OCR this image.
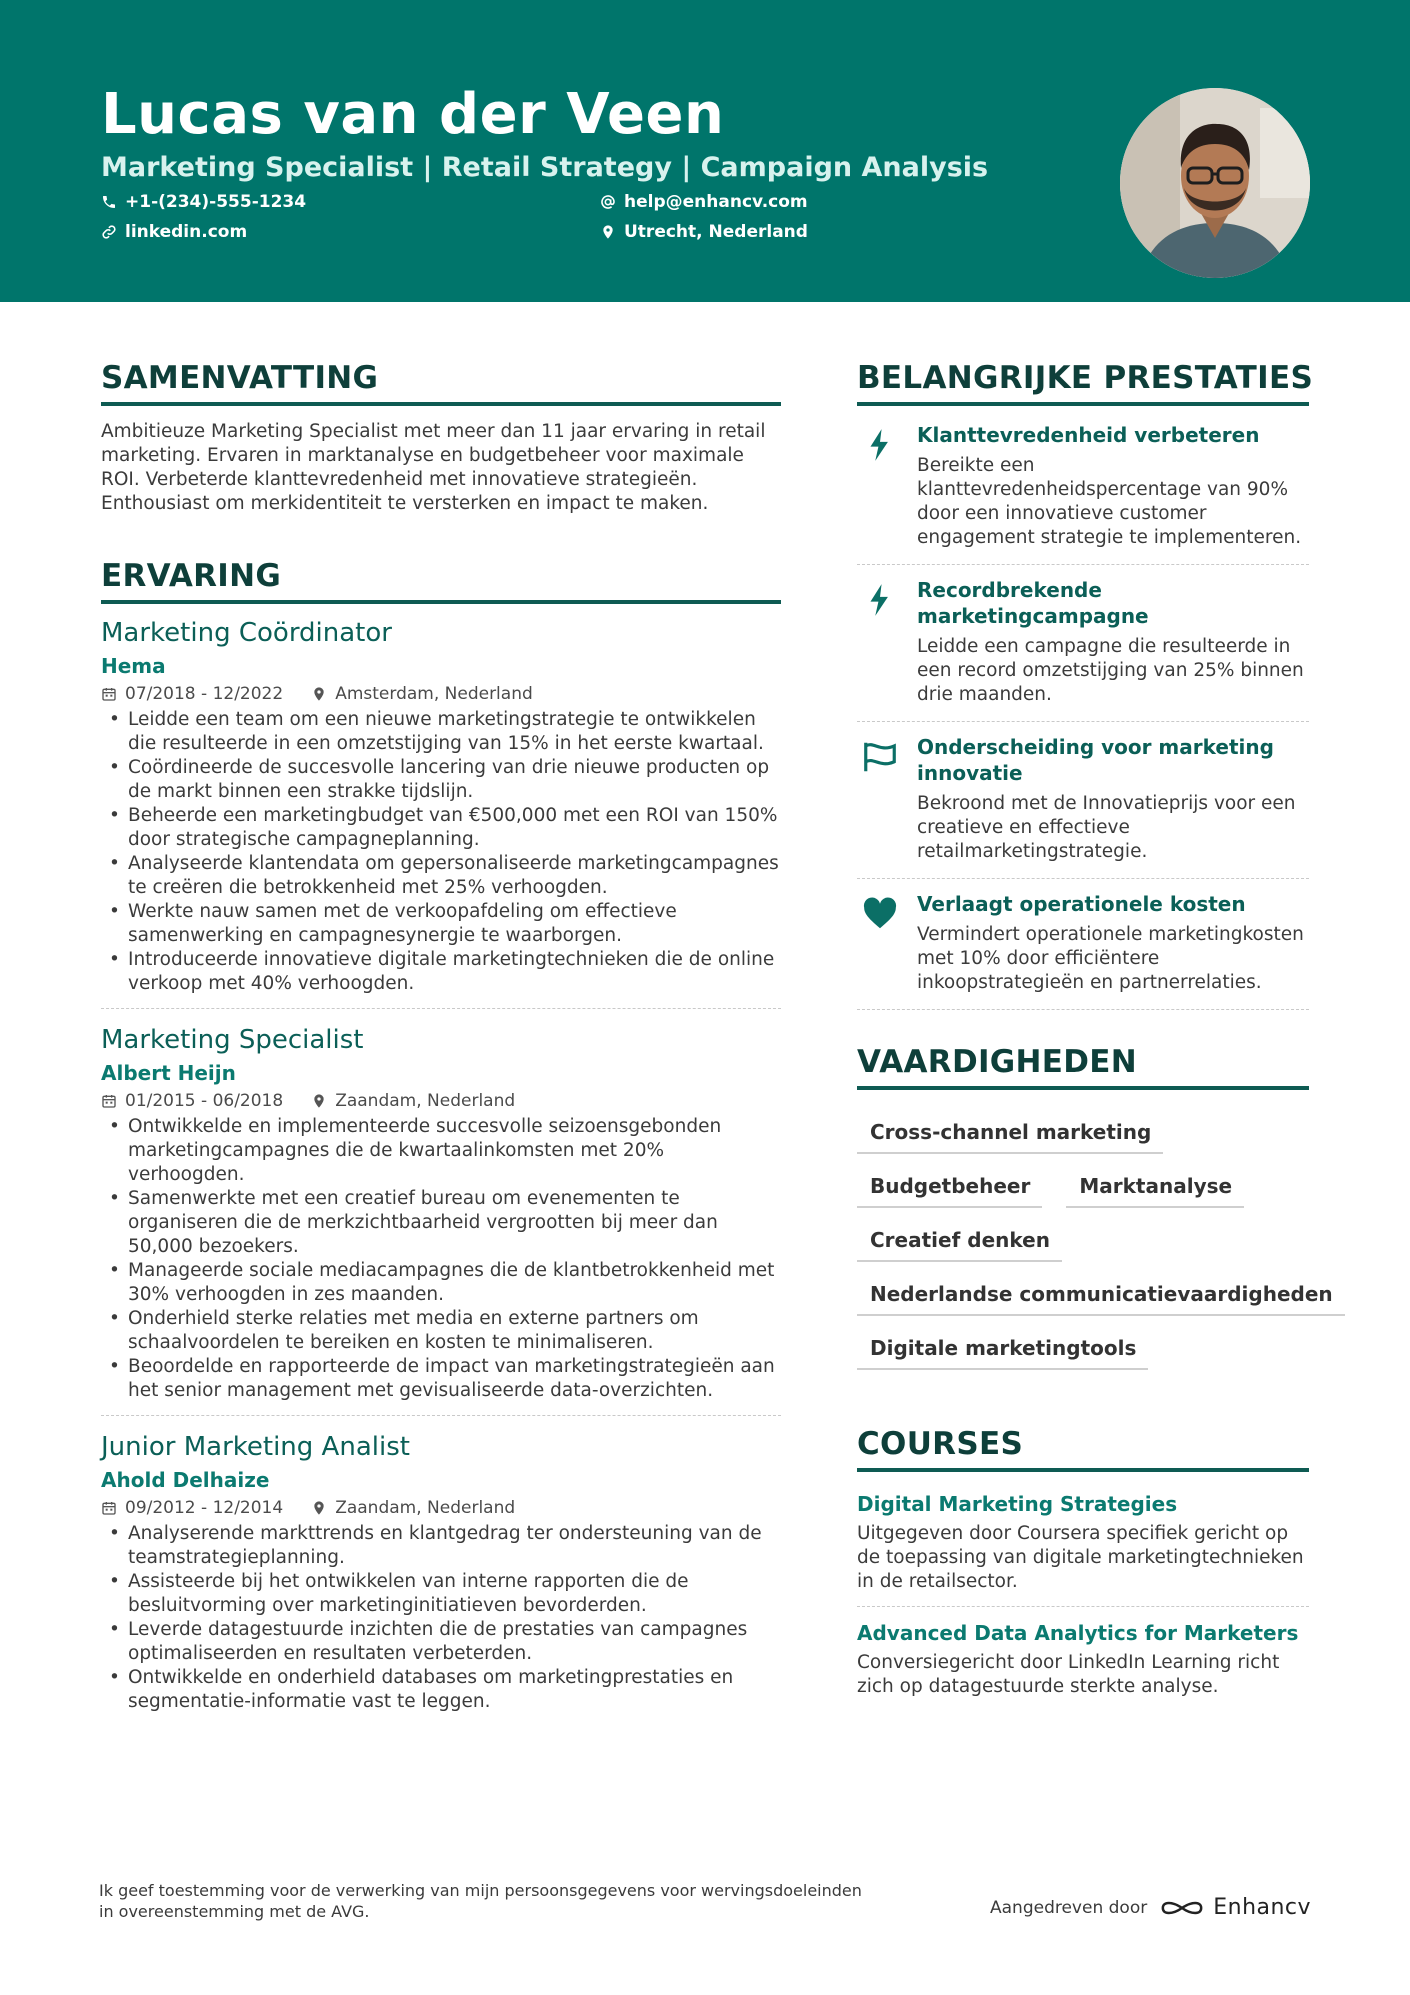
Lucas van der Veen
Marketing Specialist | Retail Strategy | Campaign Analysis
+1-(234)-555-1234	help@enhancv.com
linkedin.com	Utrecht, Nederland
SAMENVATTING
Ambitieuze Marketing Specialist met meer dan 11 jaar ervaring in retail marketing. Ervaren in marktanalyse en budgetbeheer voor maximale ROI. Verbeterde klanttevredenheid met innovatieve strategieën. Enthousiast om merkidentiteit te versterken en impact te maken.
ERVARING
Marketing Coördinator
Hema
07/2018 - 12/2022	Amsterdam, Nederland
• Leidde een team om een nieuwe marketingstrategie te ontwikkelen die resulteerde in een omzetstijging van 15% in het eerste kwartaal.
• Coördineerde de succesvolle lancering van drie nieuwe producten op de markt binnen een strakke tijdslijn.
• Beheerde een marketingbudget van €500,000 met een ROI van 150% door strategische campagneplanning.
• Analyseerde klantendata om gepersonaliseerde marketingcampagnes te creëren die betrokkenheid met 25% verhoogden.
• Werkte nauw samen met de verkoopafdeling om effectieve samenwerking en campagnesynergie te waarborgen.
• Introduceerde innovatieve digitale marketingtechnieken die de online verkoop met 40% verhoogden.
Marketing Specialist
Albert Heijn
01/2015 - 06/2018	Zaandam, Nederland
• Ontwikkelde en implementeerde succesvolle seizoensgebonden marketingcampagnes die de kwartaalinkomsten met 20% verhoogden.
• Samenwerkte met een creatief bureau om evenementen te organiseren die de merkzichtbaarheid vergrootten bij meer dan 50,000 bezoekers.
• Manageerde sociale mediacampagnes die de klantbetrokkenheid met 30% verhoogden in zes maanden.
• Onderhield sterke relaties met media en externe partners om schaalvoordelen te bereiken en kosten te minimaliseren.
• Beoordelde en rapporteerde de impact van marketingstrategieën aan het senior management met gevisualiseerde data-overzichten.
Junior Marketing Analist
Ahold Delhaize
09/2012 - 12/2014	Zaandam, Nederland
• Analyserende markttrends en klantgedrag ter ondersteuning van de teamstrategieplanning.
• Assisteerde bij het ontwikkelen van interne rapporten die de besluitvorming over marketinginitiatieven bevorderden.
• Leverde datagestuurde inzichten die de prestaties van campagnes optimaliseerden en resultaten verbeterden.
• Ontwikkelde en onderhield databases om marketingprestaties en segmentatie-informatie vast te leggen.
BELANGRIJKE PRESTATIES
Klanttevredenheid verbeteren
Bereikte een klanttevredenheidspercentage van 90% door een innovatieve customer engagement strategie te implementeren.
Recordbrekende marketingcampagne
Leidde een campagne die resulteerde in een record omzetstijging van 25% binnen drie maanden.
Onderscheiding voor marketing innovatie
Bekroond met de Innovatieprijs voor een creatieve en effectieve retailmarketingstrategie.
Verlaagt operationele kosten
Vermindert operationele marketingkosten met 10% door efficiëntere inkoopstrategieën en partnerrelaties.
VAARDIGHEDEN
Cross-channel marketing
Budgetbeheer	Marktanalyse
Creatief denken
Nederlandse communicatievaardigheden
Digitale marketingtools
COURSES
Digital Marketing Strategies
Uitgegeven door Coursera specifiek gericht op de toepassing van digitale marketingtechnieken in de retailsector.
Advanced Data Analytics for Marketers
Conversiegericht door LinkedIn Learning richt zich op datagestuurde sterkte analyse.
Ik geef toestemming voor de verwerking van mijn persoonsgegevens voor wervingsdoeleinden in overeenstemming met de AVG.	Aangedreven door	Enhancv
